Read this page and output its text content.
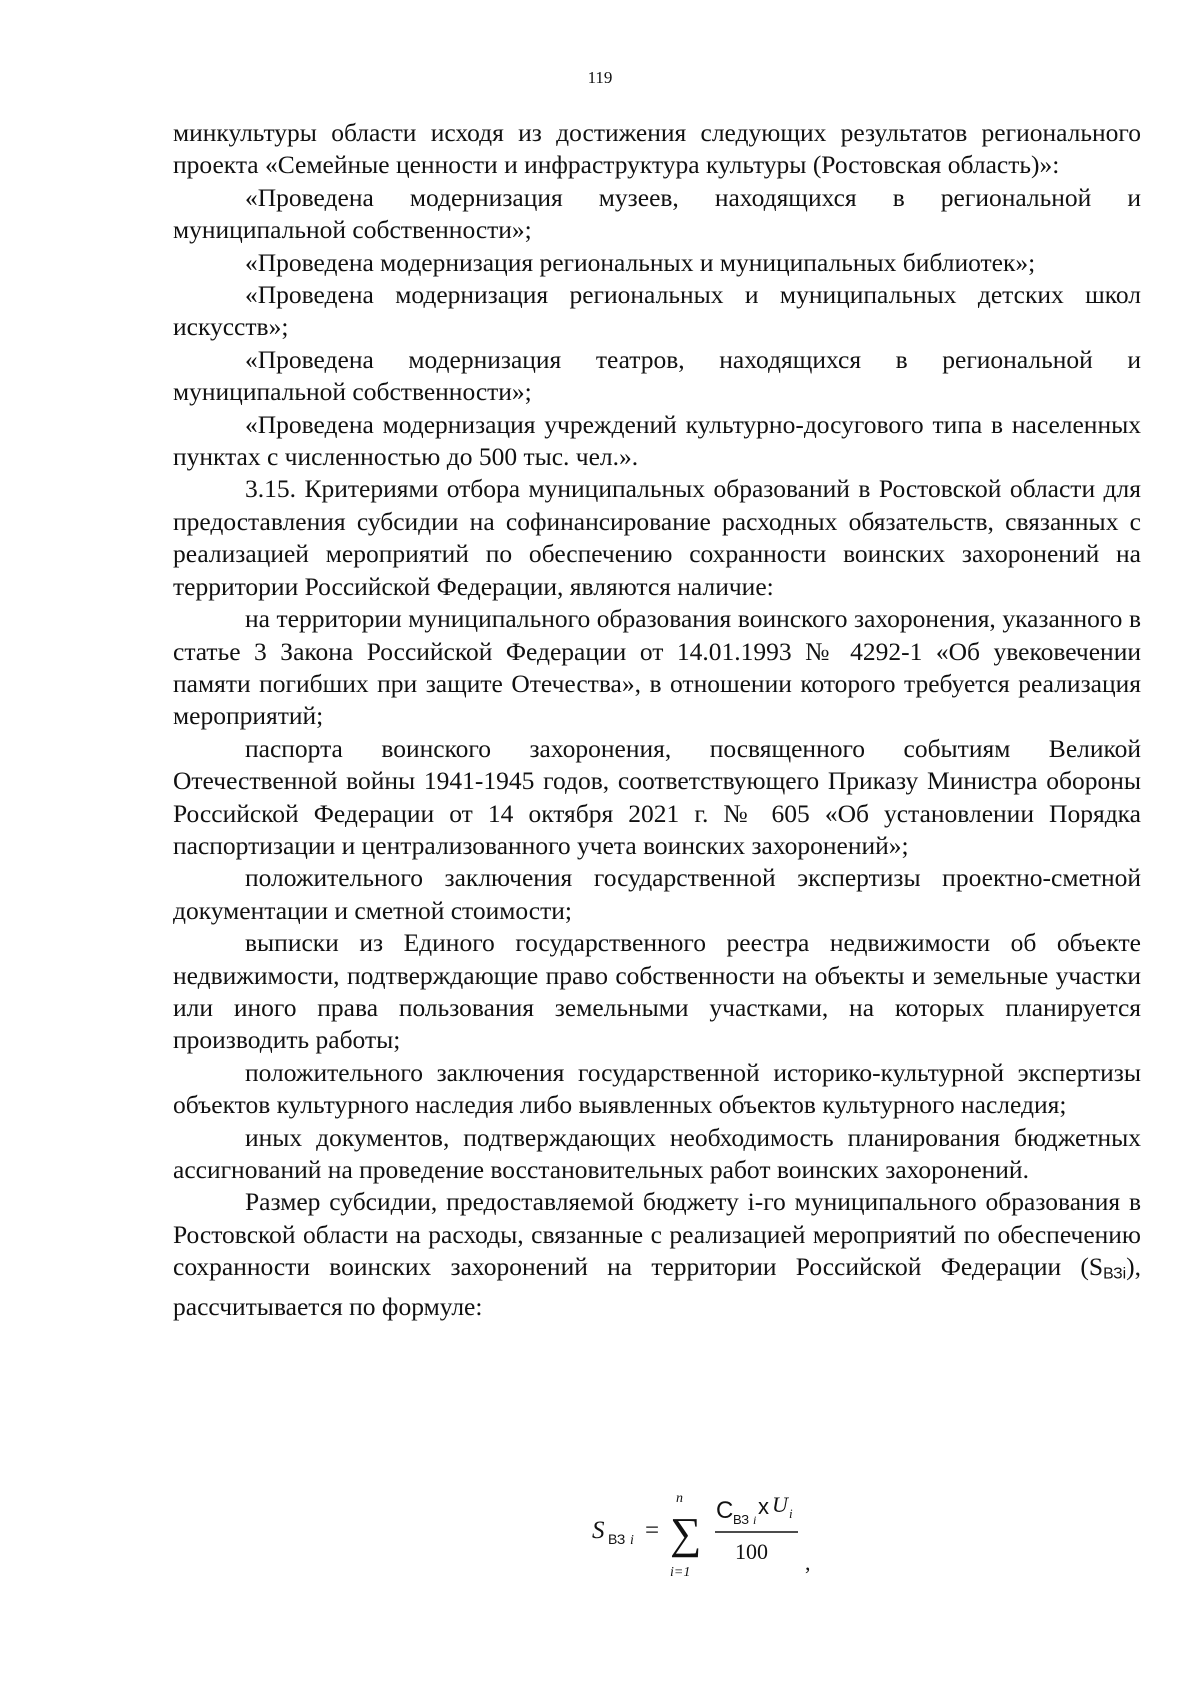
119

минкультуры области исходя из достижения следующих результатов регионального проекта «Семейные ценности и инфраструктура культуры (Ростовская область)»:

«Проведена модернизация музеев, находящихся в региональной и муниципальной собственности»;

«Проведена модернизация региональных и муниципальных библиотек»;

«Проведена модернизация региональных и муниципальных детских школ искусств»;

«Проведена модернизация театров, находящихся в региональной и муниципальной собственности»;

«Проведена модернизация учреждений культурно-досугового типа в населенных пунктах с численностью до 500 тыс. чел.».

3.15. Критериями отбора муниципальных образований в Ростовской области для предоставления субсидии на софинансирование расходных обязательств, связанных с реализацией мероприятий по обеспечению сохранности воинских захоронений на территории Российской Федерации, являются наличие:

на территории муниципального образования воинского захоронения, указанного в статье 3 Закона Российской Федерации от 14.01.1993 № 4292-1 «Об увековечении памяти погибших при защите Отечества», в отношении которого требуется реализация мероприятий;

паспорта воинского захоронения, посвященного событиям Великой Отечественной войны 1941-1945 годов, соответствующего Приказу Министра обороны Российской Федерации от 14 октября 2021 г. № 605 «Об установлении Порядка паспортизации и централизованного учета воинских захоронений»;

положительного заключения государственной экспертизы проектно-сметной документации и сметной стоимости;

выписки из Единого государственного реестра недвижимости об объекте недвижимости, подтверждающие право собственности на объекты и земельные участки или иного права пользования земельными участками, на которых планируется производить работы;

положительного заключения государственной историко-культурной экспертизы объектов культурного наследия либо выявленных объектов культурного наследия;

иных документов, подтверждающих необходимость планирования бюджетных ассигнований на проведение восстановительных работ воинских захоронений.

Размер субсидии, предоставляемой бюджету i-го муниципального образования в Ростовской области на расходы, связанные с реализацией мероприятий по обеспечению сохранности воинских захоронений на территории Российской Федерации $(S_{ВЗi})$, рассчитывается по формуле:

S ВЗ i =
n
∑
i=1
С ВЗ i
x U i
100 ,
